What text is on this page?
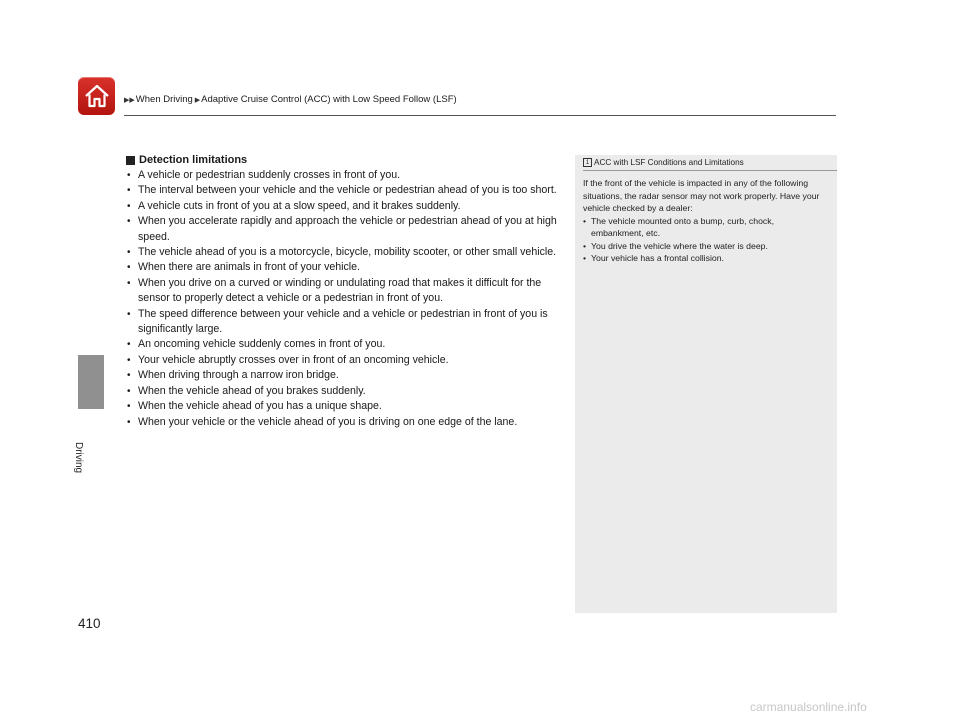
▶▶When Driving ▶Adaptive Cruise Control (ACC) with Low Speed Follow (LSF)
Driving
410
Detection limitations
• A vehicle or pedestrian suddenly crosses in front of you.
• The interval between your vehicle and the vehicle or pedestrian ahead of you is too short.
• A vehicle cuts in front of you at a slow speed, and it brakes suddenly.
• When you accelerate rapidly and approach the vehicle or pedestrian ahead of you at high speed.
• The vehicle ahead of you is a motorcycle, bicycle, mobility scooter, or other small vehicle.
• When there are animals in front of your vehicle.
• When you drive on a curved or winding or undulating road that makes it difficult for the sensor to properly detect a vehicle or a pedestrian in front of you.
• The speed difference between your vehicle and a vehicle or pedestrian in front of you is significantly large.
• An oncoming vehicle suddenly comes in front of you.
• Your vehicle abruptly crosses over in front of an oncoming vehicle.
• When driving through a narrow iron bridge.
• When the vehicle ahead of you brakes suddenly.
• When the vehicle ahead of you has a unique shape.
• When your vehicle or the vehicle ahead of you is driving on one edge of the lane.
1 ACC with LSF Conditions and Limitations
If the front of the vehicle is impacted in any of the following situations, the radar sensor may not work properly. Have your vehicle checked by a dealer:
• The vehicle mounted onto a bump, curb, chock, embankment, etc.
• You drive the vehicle where the water is deep.
• Your vehicle has a frontal collision.
carmanualsonline.info
